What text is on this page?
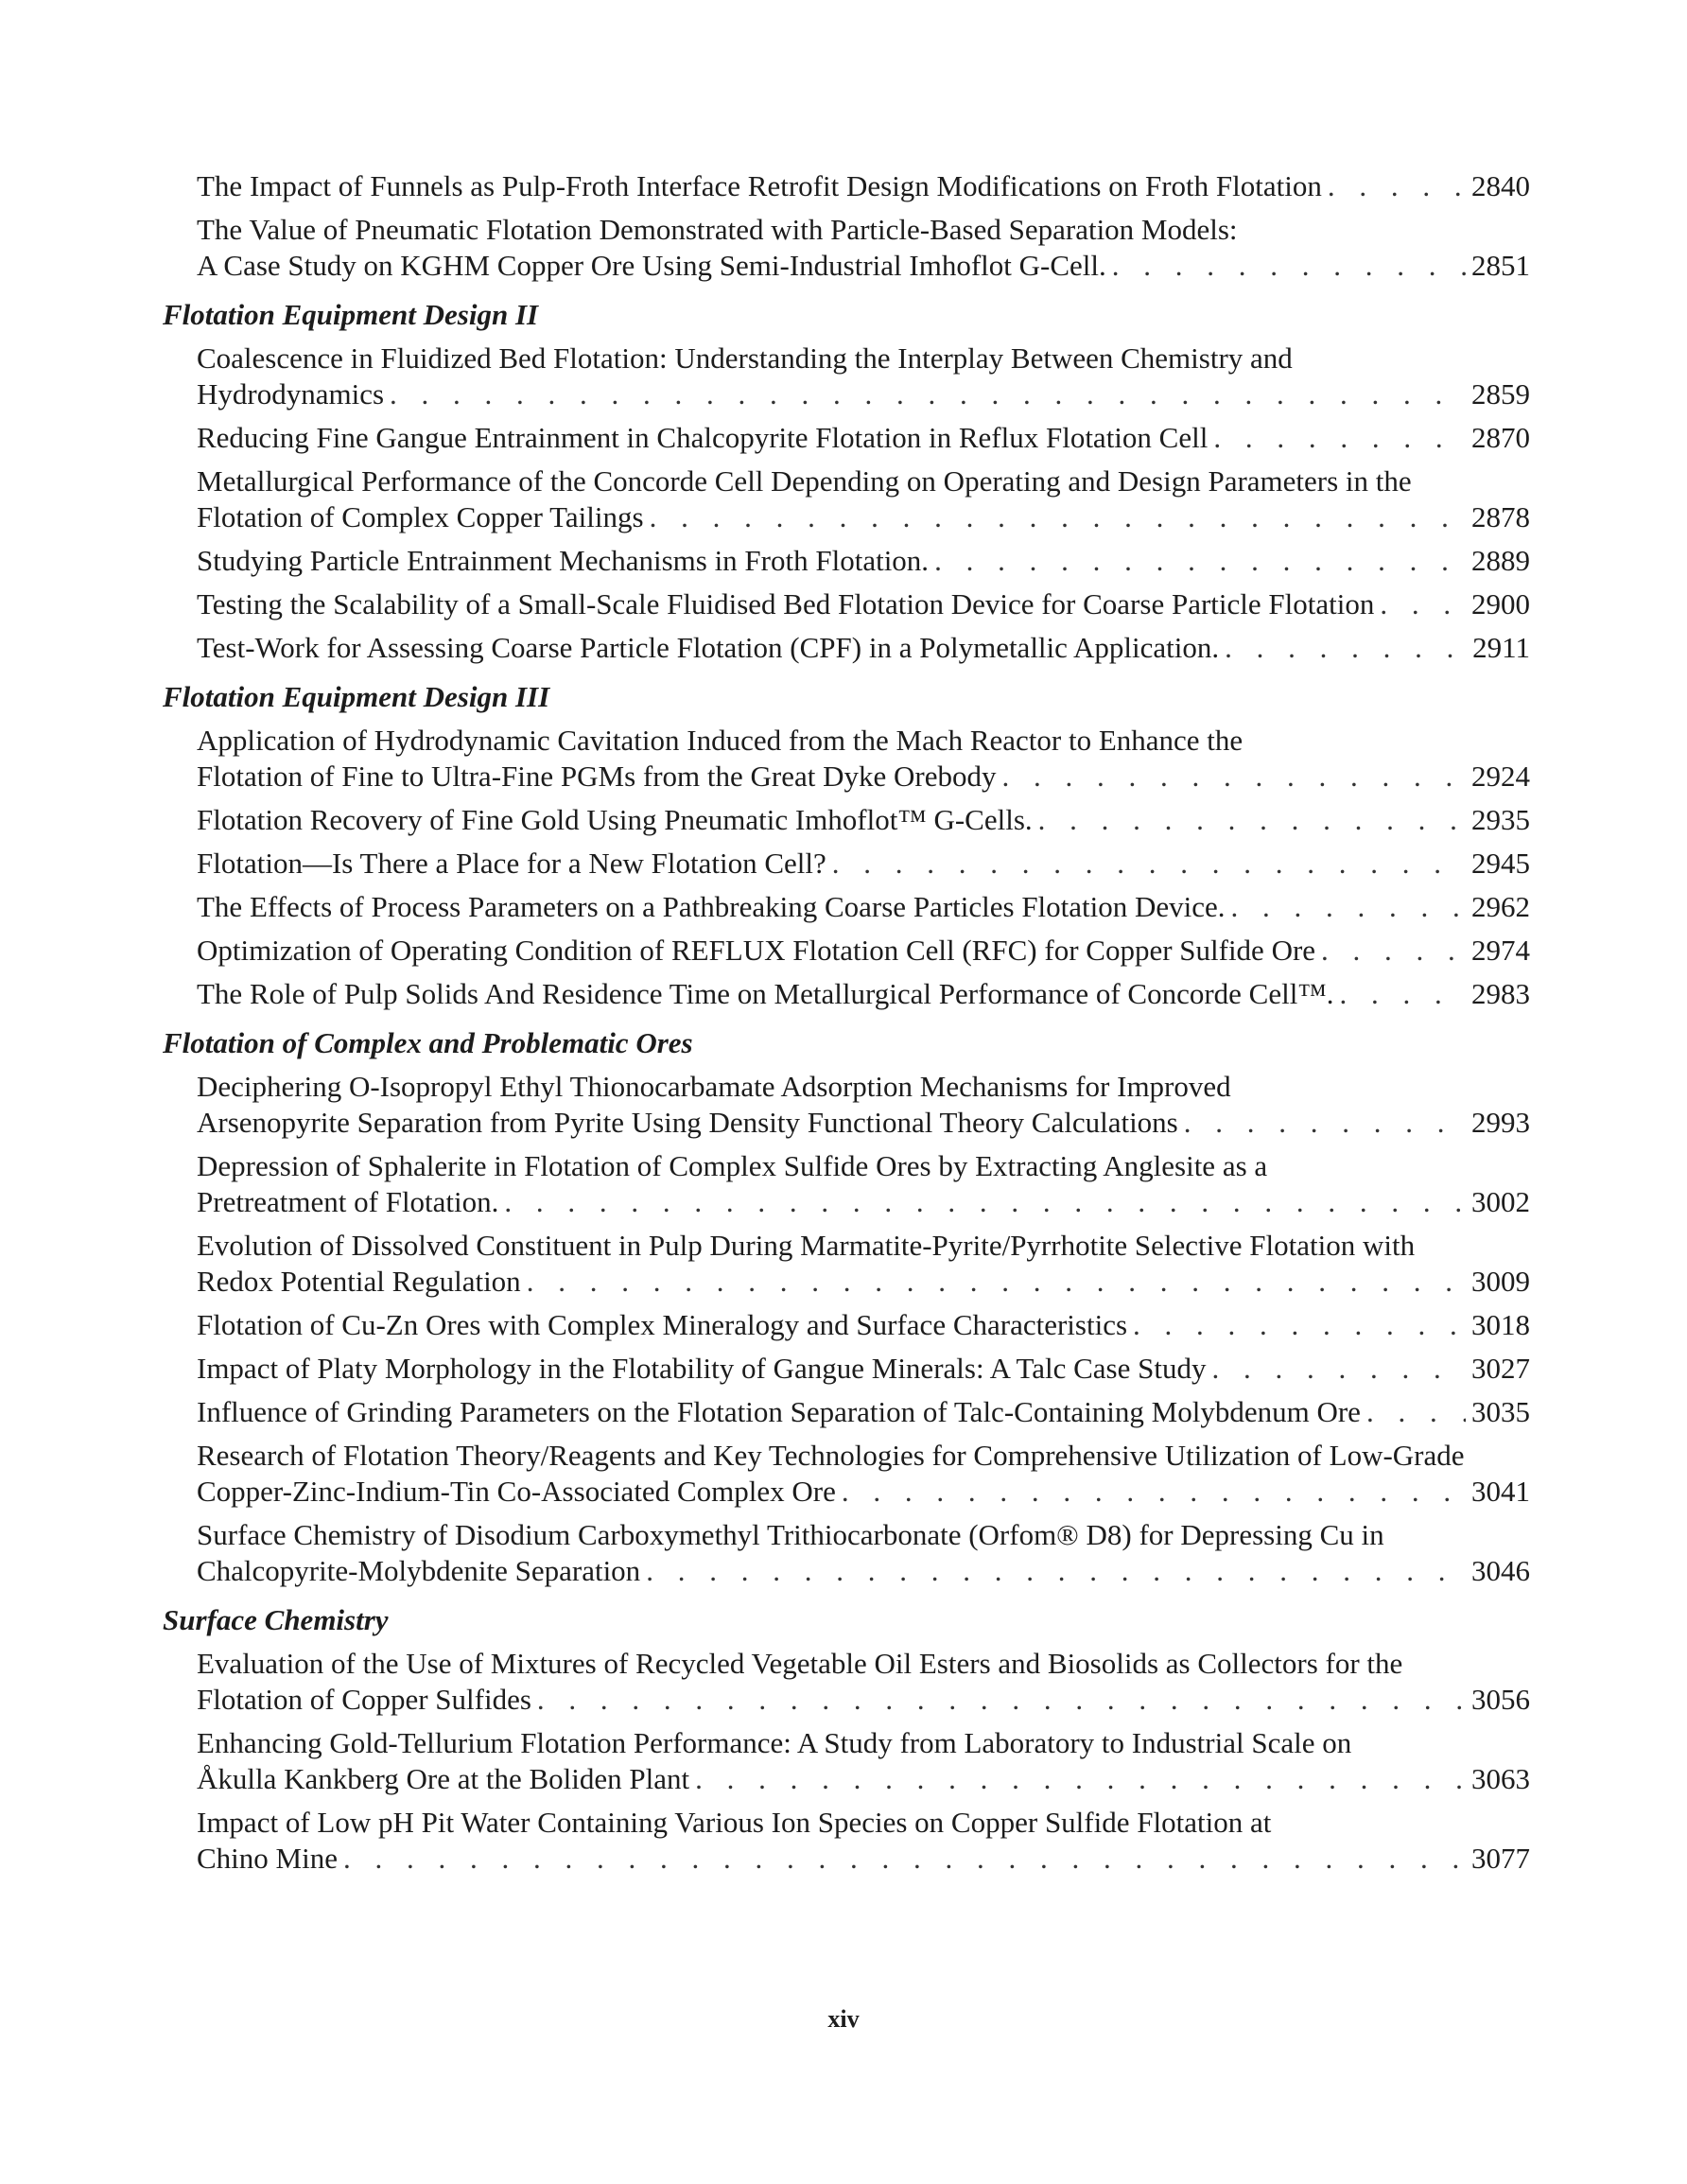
The Impact of Funnels as Pulp-Froth Interface Retrofit Design Modifications on Froth Flotation . . .	2840
The Value of Pneumatic Flotation Demonstrated with Particle-Based Separation Models:
A Case Study on KGHM Copper Ore Using Semi-Industrial Imhoflot G-Cell. . . .	2851
Flotation Equipment Design II
Coalescence in Fluidized Bed Flotation: Understanding the Interplay Between Chemistry and
Hydrodynamics . . .	2859
Reducing Fine Gangue Entrainment in Chalcopyrite Flotation in Reflux Flotation Cell . . .	2870
Metallurgical Performance of the Concorde Cell Depending on Operating and Design Parameters in the
Flotation of Complex Copper Tailings . . .	2878
Studying Particle Entrainment Mechanisms in Froth Flotation. . . .	2889
Testing the Scalability of a Small-Scale Fluidised Bed Flotation Device for Coarse Particle Flotation . . .	2900
Test-Work for Assessing Coarse Particle Flotation (CPF) in a Polymetallic Application. . . .	2911
Flotation Equipment Design III
Application of Hydrodynamic Cavitation Induced from the Mach Reactor to Enhance the
Flotation of Fine to Ultra-Fine PGMs from the Great Dyke Orebody . . .	2924
Flotation Recovery of Fine Gold Using Pneumatic Imhoflot™ G-Cells. . . .	2935
Flotation—Is There a Place for a New Flotation Cell? . . .	2945
The Effects of Process Parameters on a Pathbreaking Coarse Particles Flotation Device. . . .	2962
Optimization of Operating Condition of REFLUX Flotation Cell (RFC) for Copper Sulfide Ore . . .	2974
The Role of Pulp Solids And Residence Time on Metallurgical Performance of Concorde Cell™. . . .	2983
Flotation of Complex and Problematic Ores
Deciphering O-Isopropyl Ethyl Thionocarbamate Adsorption Mechanisms for Improved
Arsenopyrite Separation from Pyrite Using Density Functional Theory Calculations . . .	2993
Depression of Sphalerite in Flotation of Complex Sulfide Ores by Extracting Anglesite as a
Pretreatment of Flotation. . . .	3002
Evolution of Dissolved Constituent in Pulp During Marmatite-Pyrite/Pyrrhotite Selective Flotation with
Redox Potential Regulation . . .	3009
Flotation of Cu-Zn Ores with Complex Mineralogy and Surface Characteristics . . .	3018
Impact of Platy Morphology in the Flotability of Gangue Minerals: A Talc Case Study . . .	3027
Influence of Grinding Parameters on the Flotation Separation of Talc-Containing Molybdenum Ore . . .	3035
Research of Flotation Theory/Reagents and Key Technologies for Comprehensive Utilization of Low-Grade
Copper-Zinc-Indium-Tin Co-Associated Complex Ore . . .	3041
Surface Chemistry of Disodium Carboxymethyl Trithiocarbonate (Orfom® D8) for Depressing Cu in
Chalcopyrite-Molybdenite Separation . . .	3046
Surface Chemistry
Evaluation of the Use of Mixtures of Recycled Vegetable Oil Esters and Biosolids as Collectors for the
Flotation of Copper Sulfides . . .	3056
Enhancing Gold-Tellurium Flotation Performance: A Study from Laboratory to Industrial Scale on
Åkulla Kankberg Ore at the Boliden Plant . . .	3063
Impact of Low pH Pit Water Containing Various Ion Species on Copper Sulfide Flotation at
Chino Mine . . .	3077
xiv
